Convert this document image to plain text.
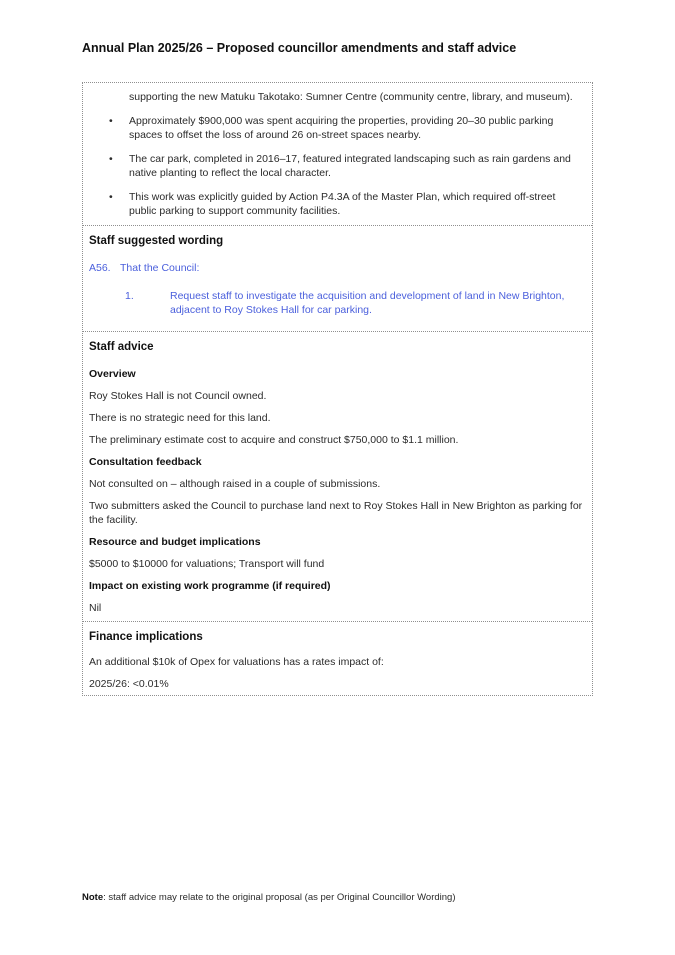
Annual Plan 2025/26 – Proposed councillor amendments and staff advice

supporting the new Matuku Takotako: Sumner Centre (community centre, library, and museum).

•	Approximately $900,000 was spent acquiring the properties, providing 20–30 public parking spaces to offset the loss of around 26 on-street spaces nearby.
•	The car park, completed in 2016–17, featured integrated landscaping such as rain gardens and native planting to reflect the local character.
•	This work was explicitly guided by Action P4.3A of the Master Plan, which required off-street public parking to support community facilities.
Staff suggested wording

A56. That the Council:

1.	Request staff to investigate the acquisition and development of land in New Brighton, adjacent to Roy Stokes Hall for car parking.

Staff advice
Overview

Roy Stokes Hall is not Council owned.

There is no strategic need for this land.

The preliminary estimate cost to acquire and construct $750,000 to $1.1 million.

Consultation feedback

Not consulted on – although raised in a couple of submissions.

Two submitters asked the Council to purchase land next to Roy Stokes Hall in New Brighton as parking for the facility.

Resource and budget implications

$5000 to $10000 for valuations; Transport will fund

Impact on existing work programme (if required)

Nil

Finance implications

An additional $10k of Opex for valuations has a rates impact of:

2025/26: <0.01%

Note: staff advice may relate to the original proposal (as per Original Councillor Wording)
